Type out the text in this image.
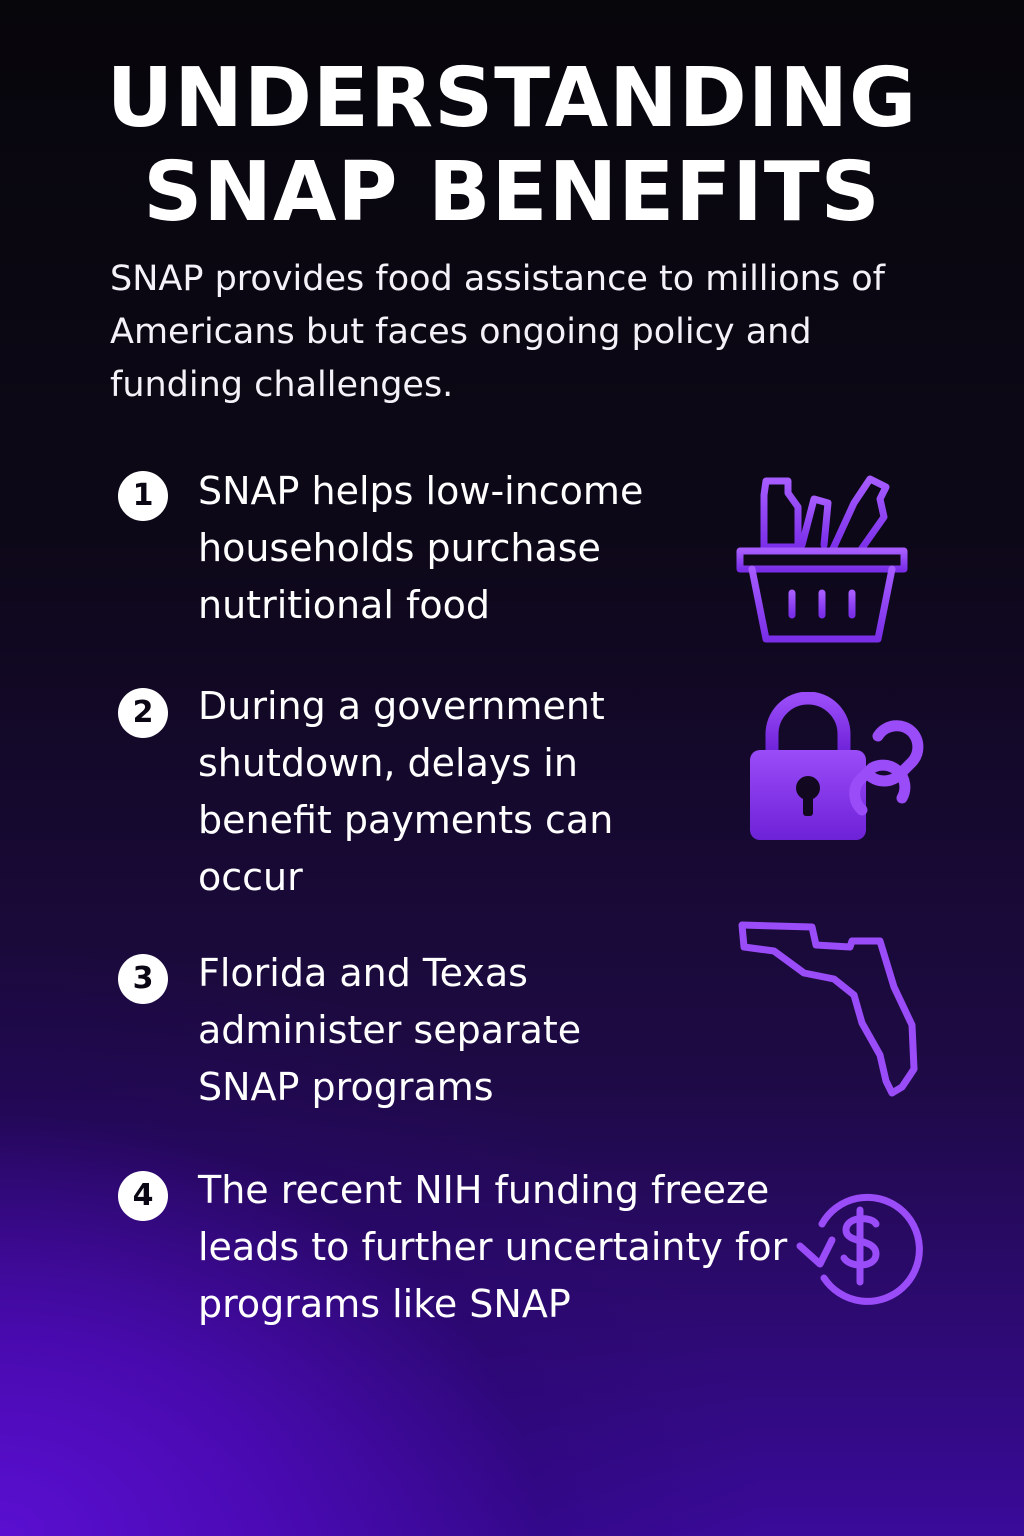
UNDERSTANDING
SNAP BENEFITS

SNAP provides food assistance to millions of Americans but faces ongoing policy and funding challenges.

1	SNAP helps low-income households purchase nutritional food

2	During a government shutdown, delays in benefit payments can occur

3	Florida and Texas administer separate SNAP programs

4	The recent NIH funding freeze leads to further uncertainty for programs like SNAP
